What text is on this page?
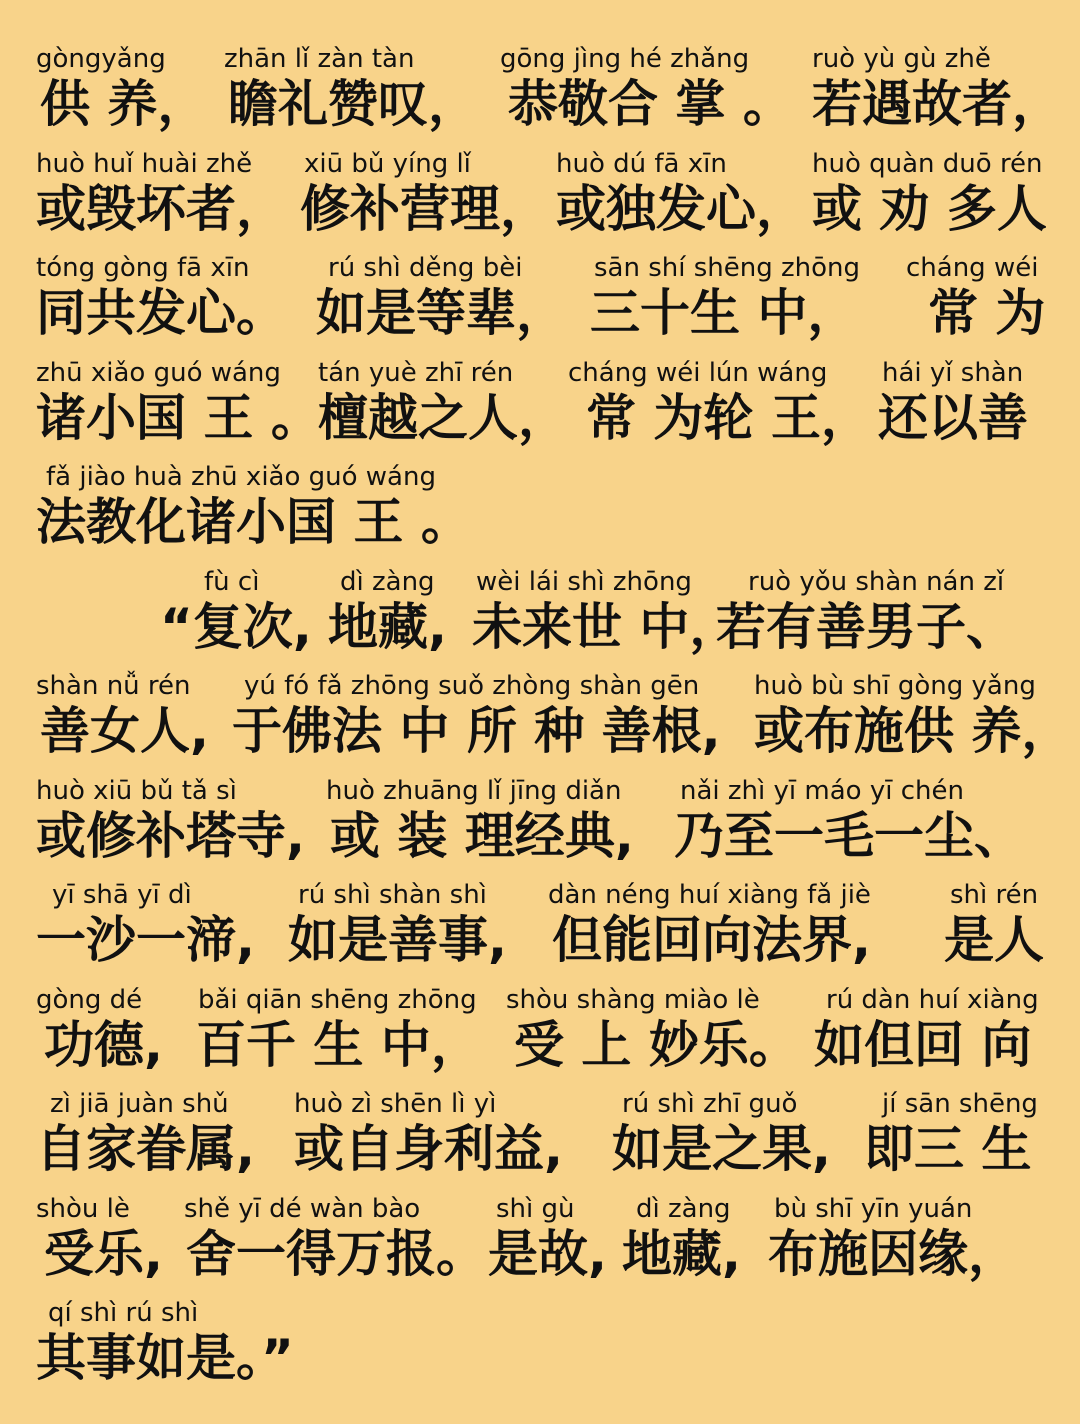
gòngyǎng
供 养，
zhān lǐ zàn tàn
瞻礼赞叹，
gōng jìng hé zhǎng
恭敬合 掌 。
ruò yù gù zhě
若遇故者，
huò huǐ huài zhě
或毁坏者，
xiū bǔ yíng lǐ
修补营理，
huò dú fā xīn
或独发心，
huò quàn duō rén
或 劝 多人
tóng gòng fā xīn
同共发心。
rú shì děng bèi
如是等辈，
sān shí shēng zhōng
三十生 中，
cháng wéi
常 为
zhū xiǎo guó wáng
诸小国 王 。
tán yuè zhī rén
檀越之人，
cháng wéi lún wáng
常 为轮 王，
hái yǐ shàn
还以善
fǎ jiào huà zhū xiǎo guó wáng
法教化诸小国 王 。
fù cì
“复次,
dì zàng
地藏,
wèi lái shì zhōng
未来世 中，
ruò yǒu shàn nán zǐ
若有善男子、
shàn nǚ rén
善女人,
yú fó fǎ zhōng suǒ zhòng shàn gēn
于佛法 中 所 种 善根,
huò bù shī gòng yǎng
或布施供 养，
huò xiū bǔ tǎ sì
或修补塔寺,
huò zhuāng lǐ jīng diǎn
或 装 理经典,
nǎi zhì yī máo yī chén
乃至一毛一尘、
yī shā yī dì
一沙一渧,
rú shì shàn shì
如是善事,
dàn néng huí xiàng fǎ jiè
但能回向法界,
shì rén
是人
gòng dé
功德,
bǎi qiān shēng zhōng
百千 生 中，
shòu shàng miào lè
受 上 妙乐。
rú dàn huí xiàng
如但回 向
zì jiā juàn shǔ
自家眷属,
huò zì shēn lì yì
或自身利益,
rú shì zhī guǒ
如是之果,
jí sān shēng
即三 生
shòu lè
受乐,
shě yī dé wàn bào
舍一得万报。
shì gù
是故,
dì zàng
地藏,
bù shī yīn yuán
布施因缘，
qí shì rú shì
其事如是。”
